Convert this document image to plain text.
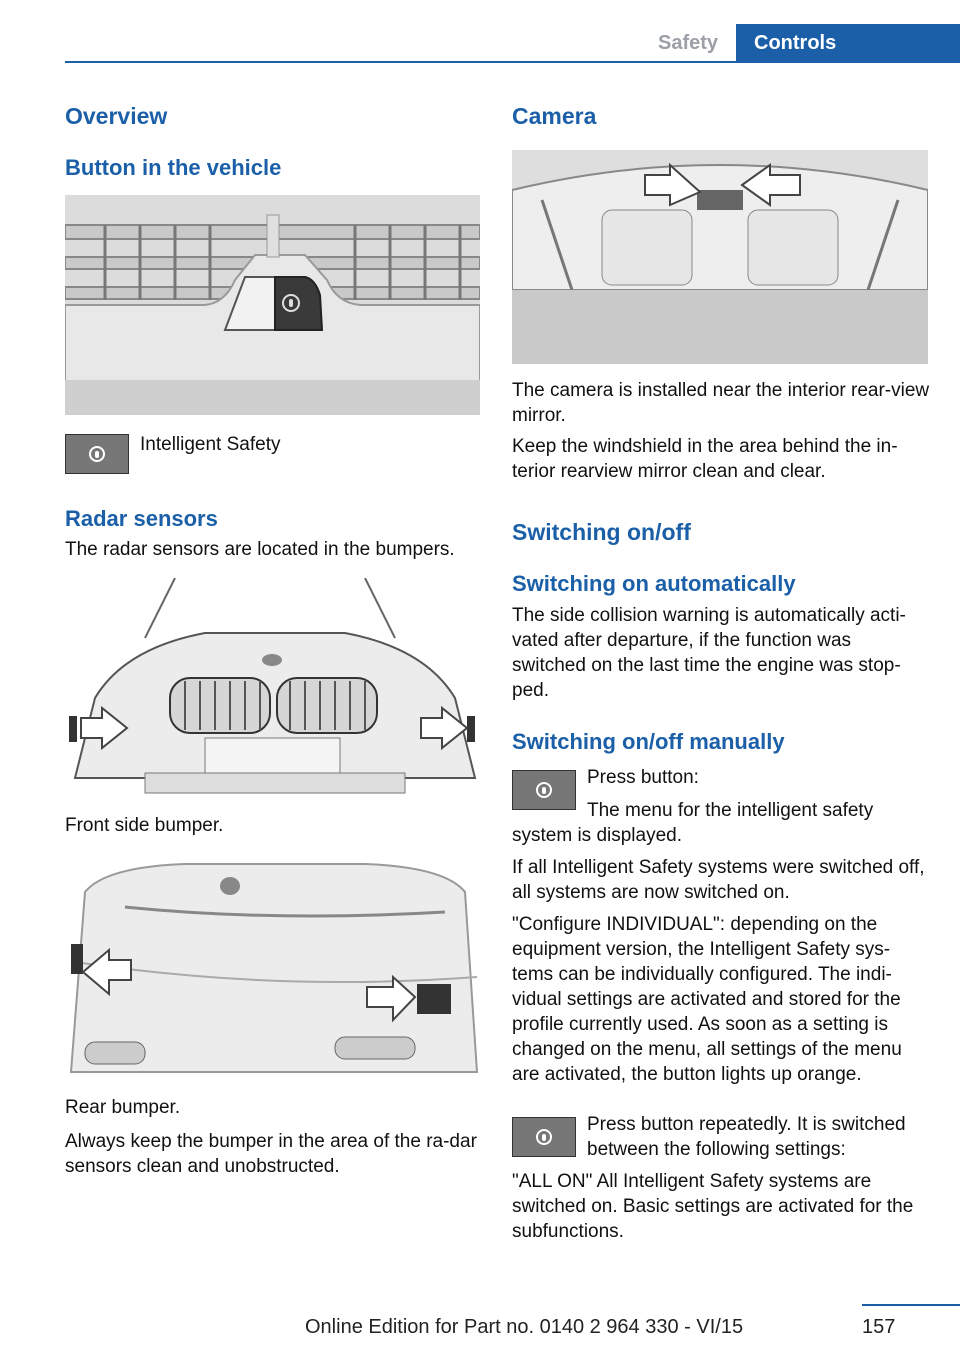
Safety	Controls
Overview
Button in the vehicle

Intelligent Safety

Radar sensors

The radar sensors are located in the bumpers.

Front side bumper.

Rear bumper.

Always keep the bumper in the area of the ra-dar sensors clean and unobstructed.

Camera

The camera is installed near the interior rear-view mirror.

Keep the windshield in the area behind the in-terior rearview mirror clean and clear.

Switching on/off
Switching on automatically

The side collision warning is automatically acti-vated after departure, if the function was switched on the last time the engine was stop-ped.

Switching on/off manually

Press button:

The menu for the intelligent safety

system is displayed.

If all Intelligent Safety systems were switched off, all systems are now switched on.

"Configure INDIVIDUAL": depending on the equipment version, the Intelligent Safety sys-tems can be individually configured. The indi-vidual settings are activated and stored for the profile currently used. As soon as a setting is changed on the menu, all settings of the menu are activated, the button lights up orange.

Press button repeatedly. It is switched between the following settings:

"ALL ON" All Intelligent Safety systems are switched on. Basic settings are activated for the subfunctions.

157
Online Edition for Part no. 0140 2 964 330 - VI/15
